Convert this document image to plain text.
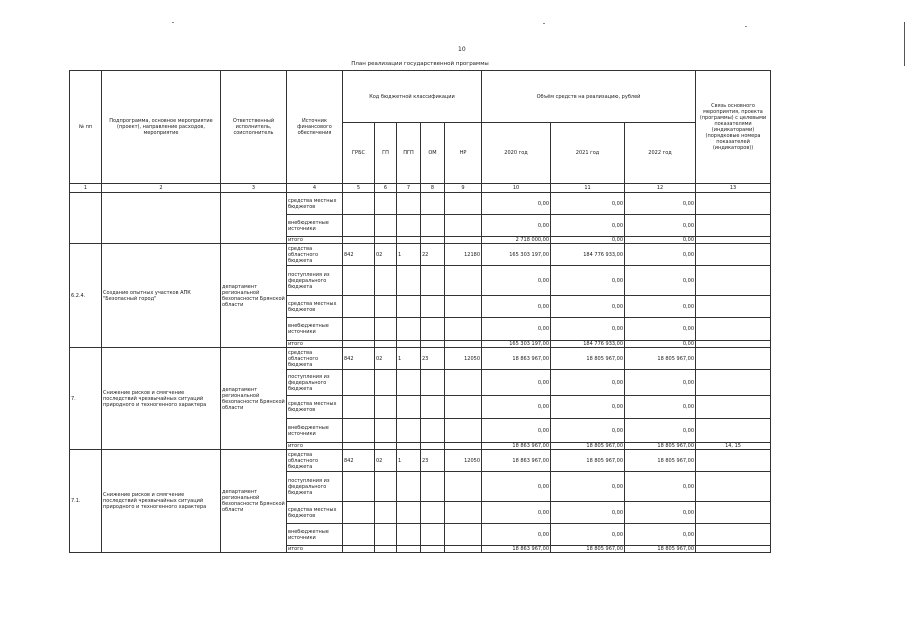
10
План реализации государственной программы
№ пп	Подпрограмма, основное мероприятие (проект), направление расходов, мероприятие	Ответственный исполнитель, соисполнитель	Источник финансового обеспечения	Код бюджетной классификации					Объём средств на реализацию, рублей			Связь основного мероприятия, проекта (программы) с целевыми показателями (индикаторами) (порядковые номера показателей (индикаторов))
				ГРБС	ГП	ПГП	ОМ	НР	2020 год	2021 год	2022 год	
1	2	3	4	5	6	7	8	9	10	11	12	13
			средства местных бюджетов						0,00	0,00	0,00	
			внебюджетные источники						0,00	0,00	0,00	
			итого						2 718 000,00	0,00	0,00	
6.2.4.	Создание опытных участков АПК "Безопасный город"	департамент региональной безопасности Брянской области	средства областного бюджета	842	02	1	22	12180	165 303 197,00	184 776 933,00	0,00	
			поступления из федерального бюджета						0,00	0,00	0,00	
			средства местных бюджетов						0,00	0,00	0,00	
			внебюджетные источники						0,00	0,00	0,00	
			итого						165 303 197,00	184 776 933,00	0,00	
7.	Снижение рисков и смягчение последствий чрезвычайных ситуаций природного и техногенного характера	департамент региональной безопасности Брянской области	средства областного бюджета	842	02	1	23	12050	18 863 967,00	18 805 967,00	18 805 967,00	
			поступления из федерального бюджета						0,00	0,00	0,00	
			средства местных бюджетов						0,00	0,00	0,00	
			внебюджетные источники						0,00	0,00	0,00	
			итого						18 863 967,00	18 805 967,00	18 805 967,00	14, 15
7.1.	Снижение рисков и смягчение последствий чрезвычайных ситуаций природного и техногенного характера	департамент региональной безопасности Брянской области	средства областного бюджета	842	02	1	23	12050	18 863 967,00	18 805 967,00	18 805 967,00	
			поступления из федерального бюджета						0,00	0,00	0,00	
			средства местных бюджетов						0,00	0,00	0,00	
			внебюджетные источники						0,00	0,00	0,00	
			итого						18 863 967,00	18 805 967,00	18 805 967,00	
